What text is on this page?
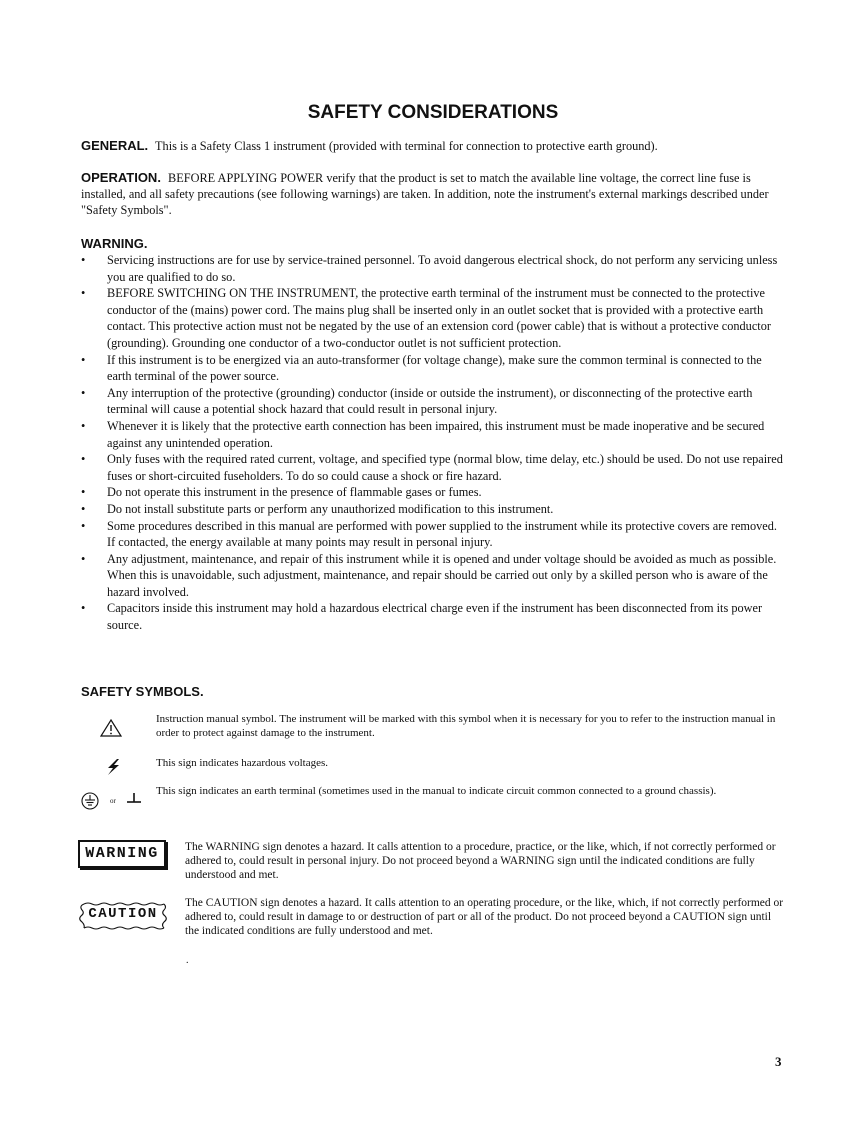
SAFETY CONSIDERATIONS

GENERAL. This is a Safety Class 1 instrument (provided with terminal for connection to protective earth ground).

OPERATION. BEFORE APPLYING POWER verify that the product is set to match the available line voltage, the correct line fuse is installed, and all safety precautions (see following warnings) are taken. In addition, note the instrument's external markings described under "Safety Symbols".

WARNING.
• Servicing instructions are for use by service-trained personnel. To avoid dangerous electrical shock, do not perform any servicing unless you are qualified to do so.
• BEFORE SWITCHING ON THE INSTRUMENT, the protective earth terminal of the instrument must be connected to the protective conductor of the (mains) power cord. The mains plug shall be inserted only in an outlet socket that is provided with a protective earth contact. This protective action must not be negated by the use of an extension cord (power cable) that is without a protective conductor (grounding). Grounding one conductor of a two-conductor outlet is not sufficient protection.
• If this instrument is to be energized via an auto-transformer (for voltage change), make sure the common terminal is connected to the earth terminal of the power source.
• Any interruption of the protective (grounding) conductor (inside or outside the instrument), or disconnecting of the protective earth terminal will cause a potential shock hazard that could result in personal injury.
• Whenever it is likely that the protective earth connection has been impaired, this instrument must be made inoperative and be secured against any unintended operation.
• Only fuses with the required rated current, voltage, and specified type (normal blow, time delay, etc.) should be used. Do not use repaired fuses or short-circuited fuseholders. To do so could cause a shock or fire hazard.
• Do not operate this instrument in the presence of flammable gases or fumes.
• Do not install substitute parts or perform any unauthorized modification to this instrument.
• Some procedures described in this manual are performed with power supplied to the instrument while its protective covers are removed. If contacted, the energy available at many points may result in personal injury.
• Any adjustment, maintenance, and repair of this instrument while it is opened and under voltage should be avoided as much as possible. When this is unavoidable, such adjustment, maintenance, and repair should be carried out only by a skilled person who is aware of the hazard involved.
• Capacitors inside this instrument may hold a hazardous electrical charge even if the instrument has been disconnected from its power source.
SAFETY SYMBOLS.
Instruction manual symbol. The instrument will be marked with this symbol when it is necessary for you to refer to the instruction manual in order to protect against damage to the instrument.
This sign indicates hazardous voltages.
or
This sign indicates an earth terminal (sometimes used in the manual to indicate circuit common connected to a ground chassis).
WARNING	The WARNING sign denotes a hazard. It calls attention to a procedure, practice, or the like, which, if not correctly performed or adhered to, could result in personal injury. Do not proceed beyond a WARNING sign until the indicated conditions are fully understood and met.
CAUTION
The CAUTION sign denotes a hazard. It calls attention to an operating procedure, or the like, which, if not correctly performed or adhered to, could result in damage to or destruction of part or all of the product. Do not proceed beyond a CAUTION sign until the indicated conditions are fully understood and met.
.
3
